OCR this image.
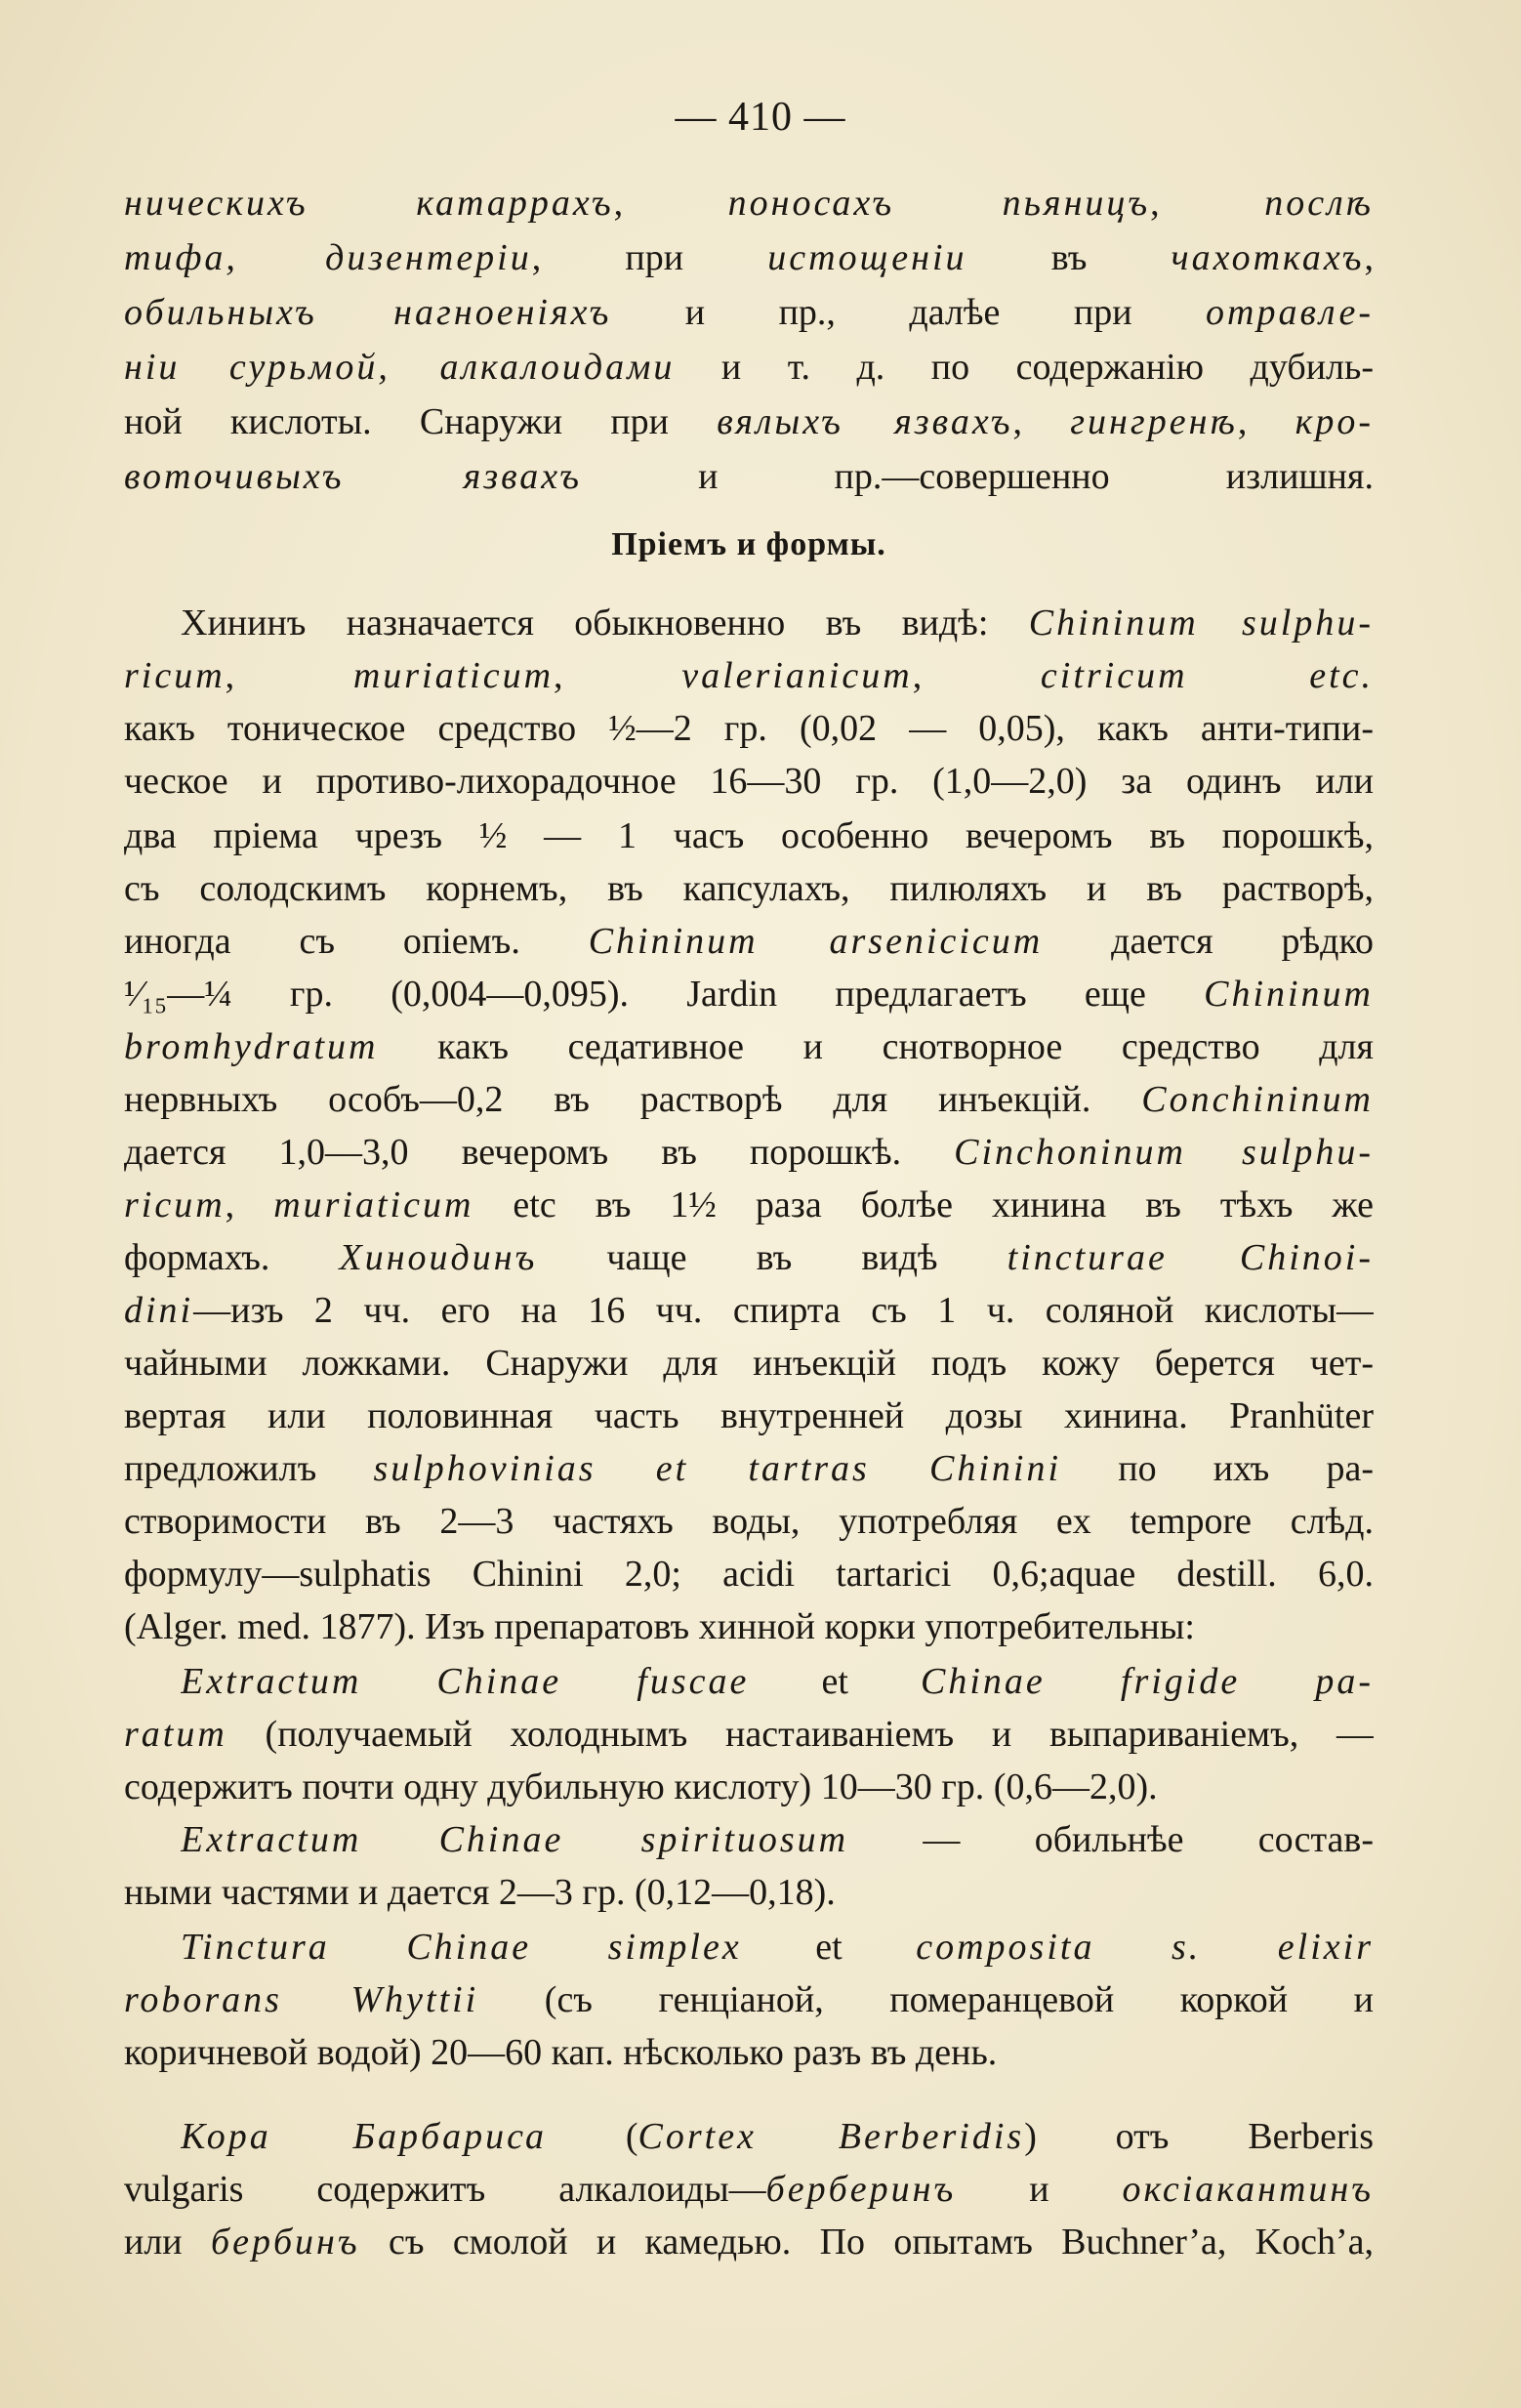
— 410 —
ническихъ катаррахъ, поносахъ пьяницъ, послѣ
тифа, дизентеріи, при истощеніи въ чахоткахъ,
обильныхъ нагноеніяхъ и пр., далѣе при отравле-
ніи сурьмой, алкалоидами и т. д. по содержанію дубиль-
ной кислоты. Снаружи при вялыхъ язвахъ, гингренѣ, кро-
воточивыхъ язвахъ и пр.—совершенно излишня.
Пріемъ и формы.
Хининъ назначается обыкновенно въ видѣ: Chininum sulphu-
ricum, muriaticum, valerianicum, citricum etc.
какъ тоническое средство ½—2 гр. (0,02 — 0,05), какъ анти-типи-
ческое и противо-лихорадочное 16—30 гр. (1,0—2,0) за одинъ или
два пріема чрезъ ½ — 1 часъ особенно вечеромъ въ порошкѣ,
съ солодскимъ корнемъ, въ капсулахъ, пилюляхъ и въ растворѣ,
иногда съ опіемъ. Chininum arsenicicum дается рѣдко
¹⁄₁₅—¼ гр. (0,004—0,095). Jardin предлагаетъ еще Chininum
bromhydratum какъ седативное и снотворное средство для
нервныхъ особъ—0,2 въ растворѣ для инъекцій. Conchininum
дается 1,0—3,0 вечеромъ въ порошкѣ. Cinchoninum sulphu-
ricum, muriaticum etc въ 1½ раза болѣе хинина въ тѣхъ же
формахъ. Хиноидинъ чаще въ видѣ tincturae Chinoi-
dini—изъ 2 чч. его на 16 чч. спирта съ 1 ч. соляной кислоты—
чайными ложками. Снаружи для инъекцій подъ кожу берется чет-
вертая или половинная часть внутренней дозы хинина. Pranhüter
предложилъ sulphovinias et tartras Chinini по ихъ ра-
створимости въ 2—3 частяхъ воды, употребляя ex tempore слѣд.
формулу—sulphatis Chinini 2,0; acidi tartarici 0,6;aquae destill. 6,0.
(Alger. med. 1877). Изъ препаратовъ хинной корки употребительны:
Extractum Chinae fuscae et Chinae frigide pa-
ratum (получаемый холоднымъ настаиваніемъ и выпариваніемъ, —
содержитъ почти одну дубильную кислоту) 10—30 гр. (0,6—2,0).
Extractum Chinae spirituosum — обильнѣе состав-
ными частями и дается 2—3 гр. (0,12—0,18).
Tinctura Chinae simplex et composita s. elixir
roborans Whyttii (съ генціаной, померанцевой коркой и
коричневой водой) 20—60 кап. нѣсколько разъ въ день.
Кора Барбариса (Cortex Berberidis) отъ Berberis
vulgaris содержитъ алкалоиды—берберинъ и оксіакантинъ
или бербинъ съ смолой и камедью. По опытамъ Buchner’a, Koch’a,
